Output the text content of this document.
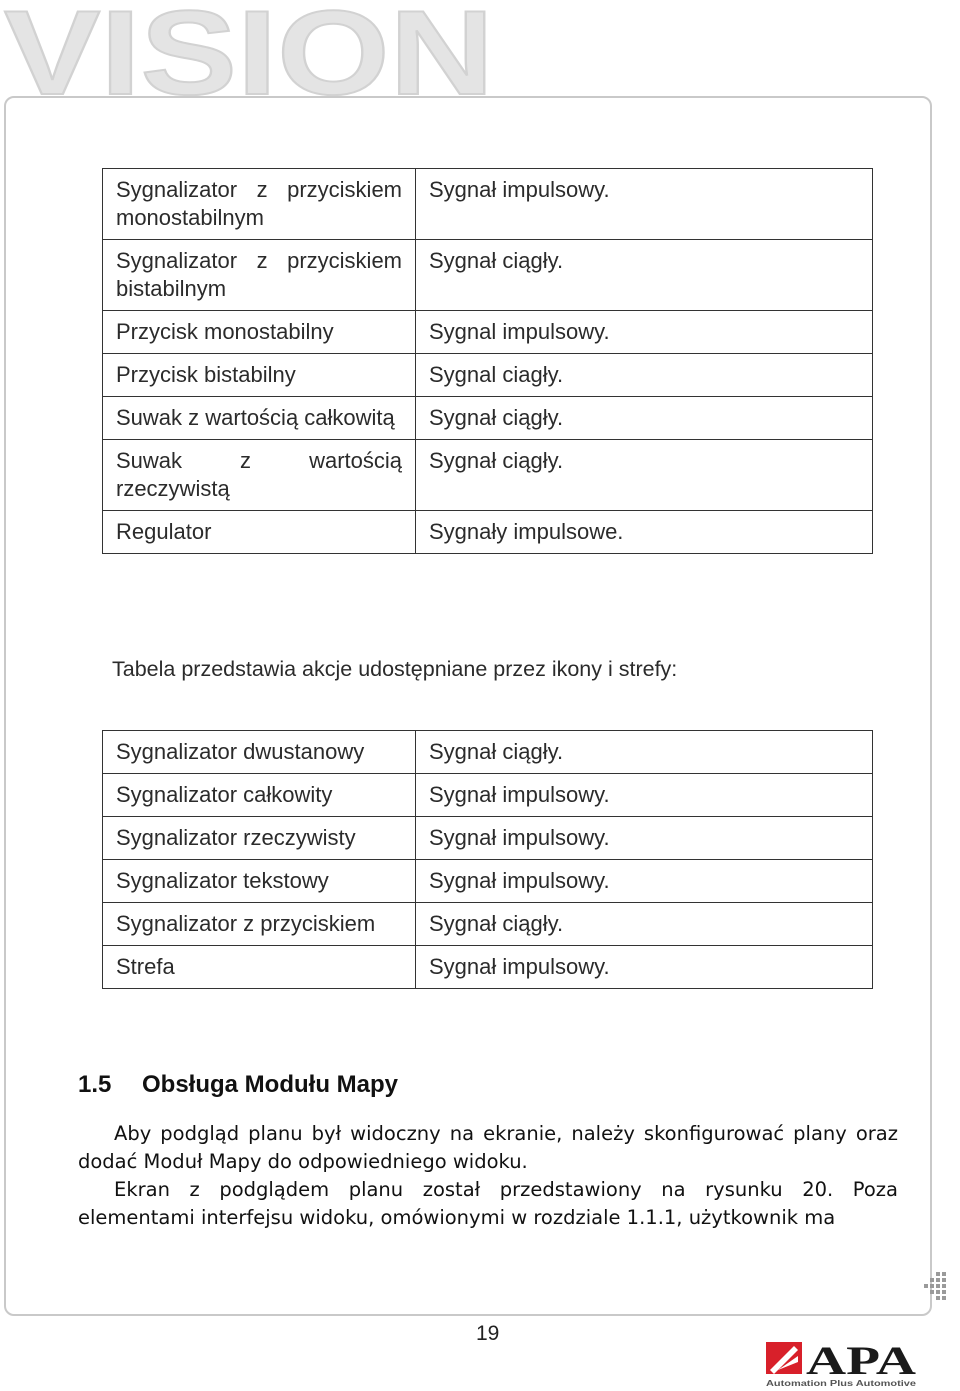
VISION
Sygnalizator z przyciskiem monostabilnym	Sygnał impulsowy.
Sygnalizator z przyciskiem bistabilnym	Sygnał ciągły.
Przycisk monostabilny	Sygnal impulsowy.
Przycisk bistabilny	Sygnal ciagły.
Suwak z wartością całkowitą	Sygnał ciągły.
Suwak z wartością rzeczywistą	Sygnał ciągły.
Regulator	Sygnały impulsowe.
Tabela przedstawia akcje udostępniane przez ikony i strefy:
Sygnalizator dwustanowy	Sygnał ciągły.
Sygnalizator całkowity	Sygnał impulsowy.
Sygnalizator rzeczywisty	Sygnał impulsowy.
Sygnalizator tekstowy	Sygnał impulsowy.
Sygnalizator z przyciskiem	Sygnał ciągły.
Strefa	Sygnał impulsowy.
1.5 Obsługa Modułu Mapy
Aby podgląd planu był widoczny na ekranie, należy skonfigurować plany oraz dodać Moduł Mapy do odpowiedniego widoku.
Ekran z podglądem planu został przedstawiony na rysunku 20. Poza elementami interfejsu widoku, omówionymi w rozdziale 1.1.1, użytkownik ma
19
APA
Automation Plus Automotive
